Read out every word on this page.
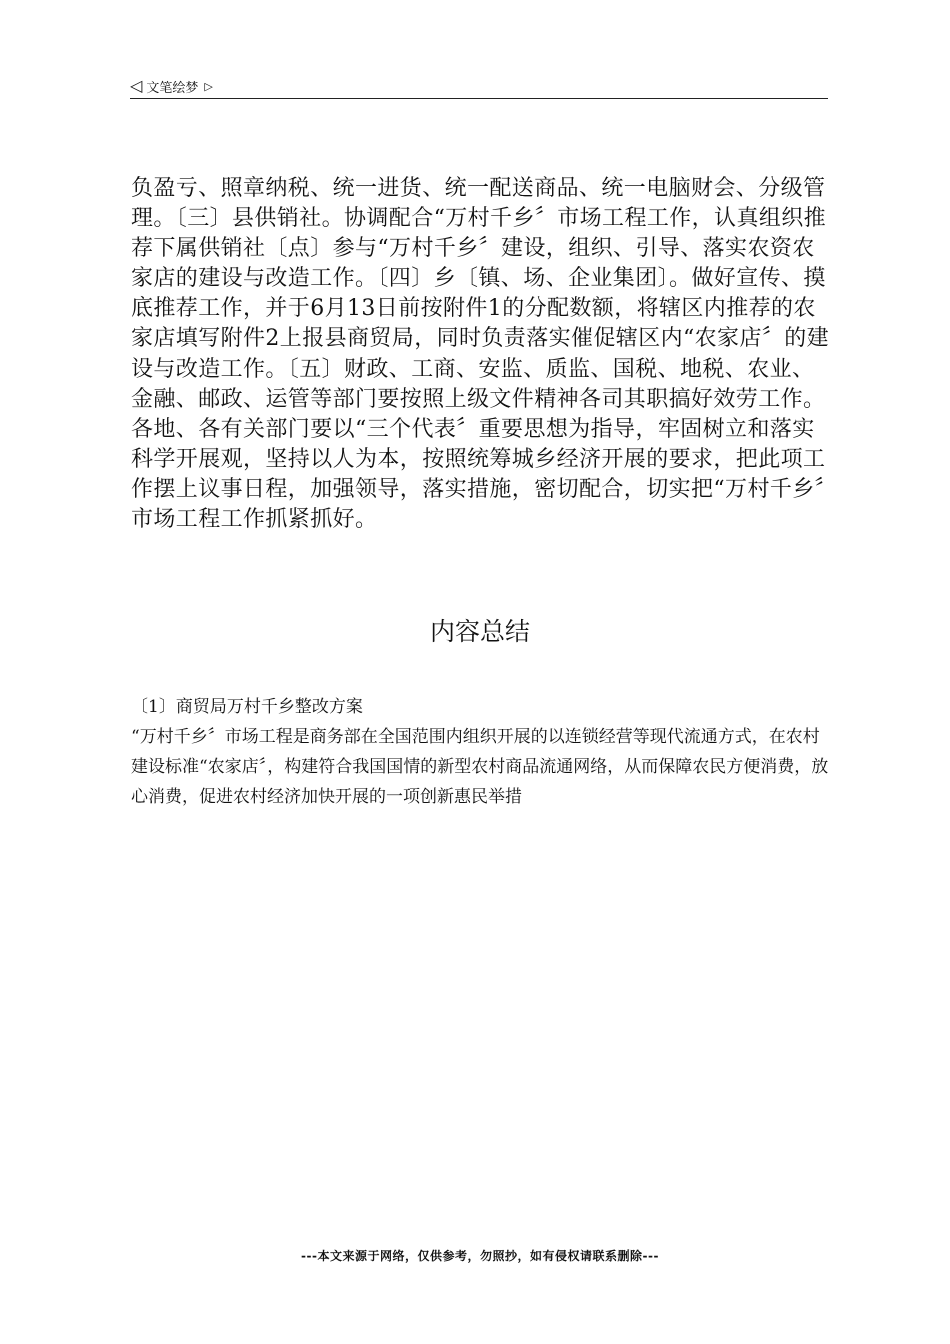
◁ 文笔绘梦 ▷

负盈亏、照章纳税、统一进货、统一配送商品、统一电脑财会、分级管理。〔三〕县供销社。协调配合“万村千乡〞市场工程工作，认真组织推荐下属供销社〔点〕参与“万村千乡〞建设，组织、引导、落实农资农家店的建设与改造工作。〔四〕乡〔镇、场、企业集团〕。做好宣传、摸底推荐工作，并于6月13日前按附件1的分配数额，将辖区内推荐的农家店填写附件2上报县商贸局，同时负责落实催促辖区内“农家店〞的建设与改造工作。〔五〕财政、工商、安监、质监、国税、地税、农业、金融、邮政、运管等部门要按照上级文件精神各司其职搞好效劳工作。各地、各有关部门要以“三个代表〞重要思想为指导，牢固树立和落实科学开展观，坚持以人为本，按照统筹城乡经济开展的要求，把此项工作摆上议事日程，加强领导，落实措施，密切配合，切实把“万村千乡〞市场工程工作抓紧抓好。

内容总结

〔1〕商贸局万村千乡整改方案

“万村千乡〞市场工程是商务部在全国范围内组织开展的以连锁经营等现代流通方式，在农村建设标准“农家店〞，构建符合我国国情的新型农村商品流通网络，从而保障农民方便消费，放心消费，促进农村经济加快开展的一项创新惠民举措

---本文来源于网络，仅供参考，勿照抄，如有侵权请联系删除---
